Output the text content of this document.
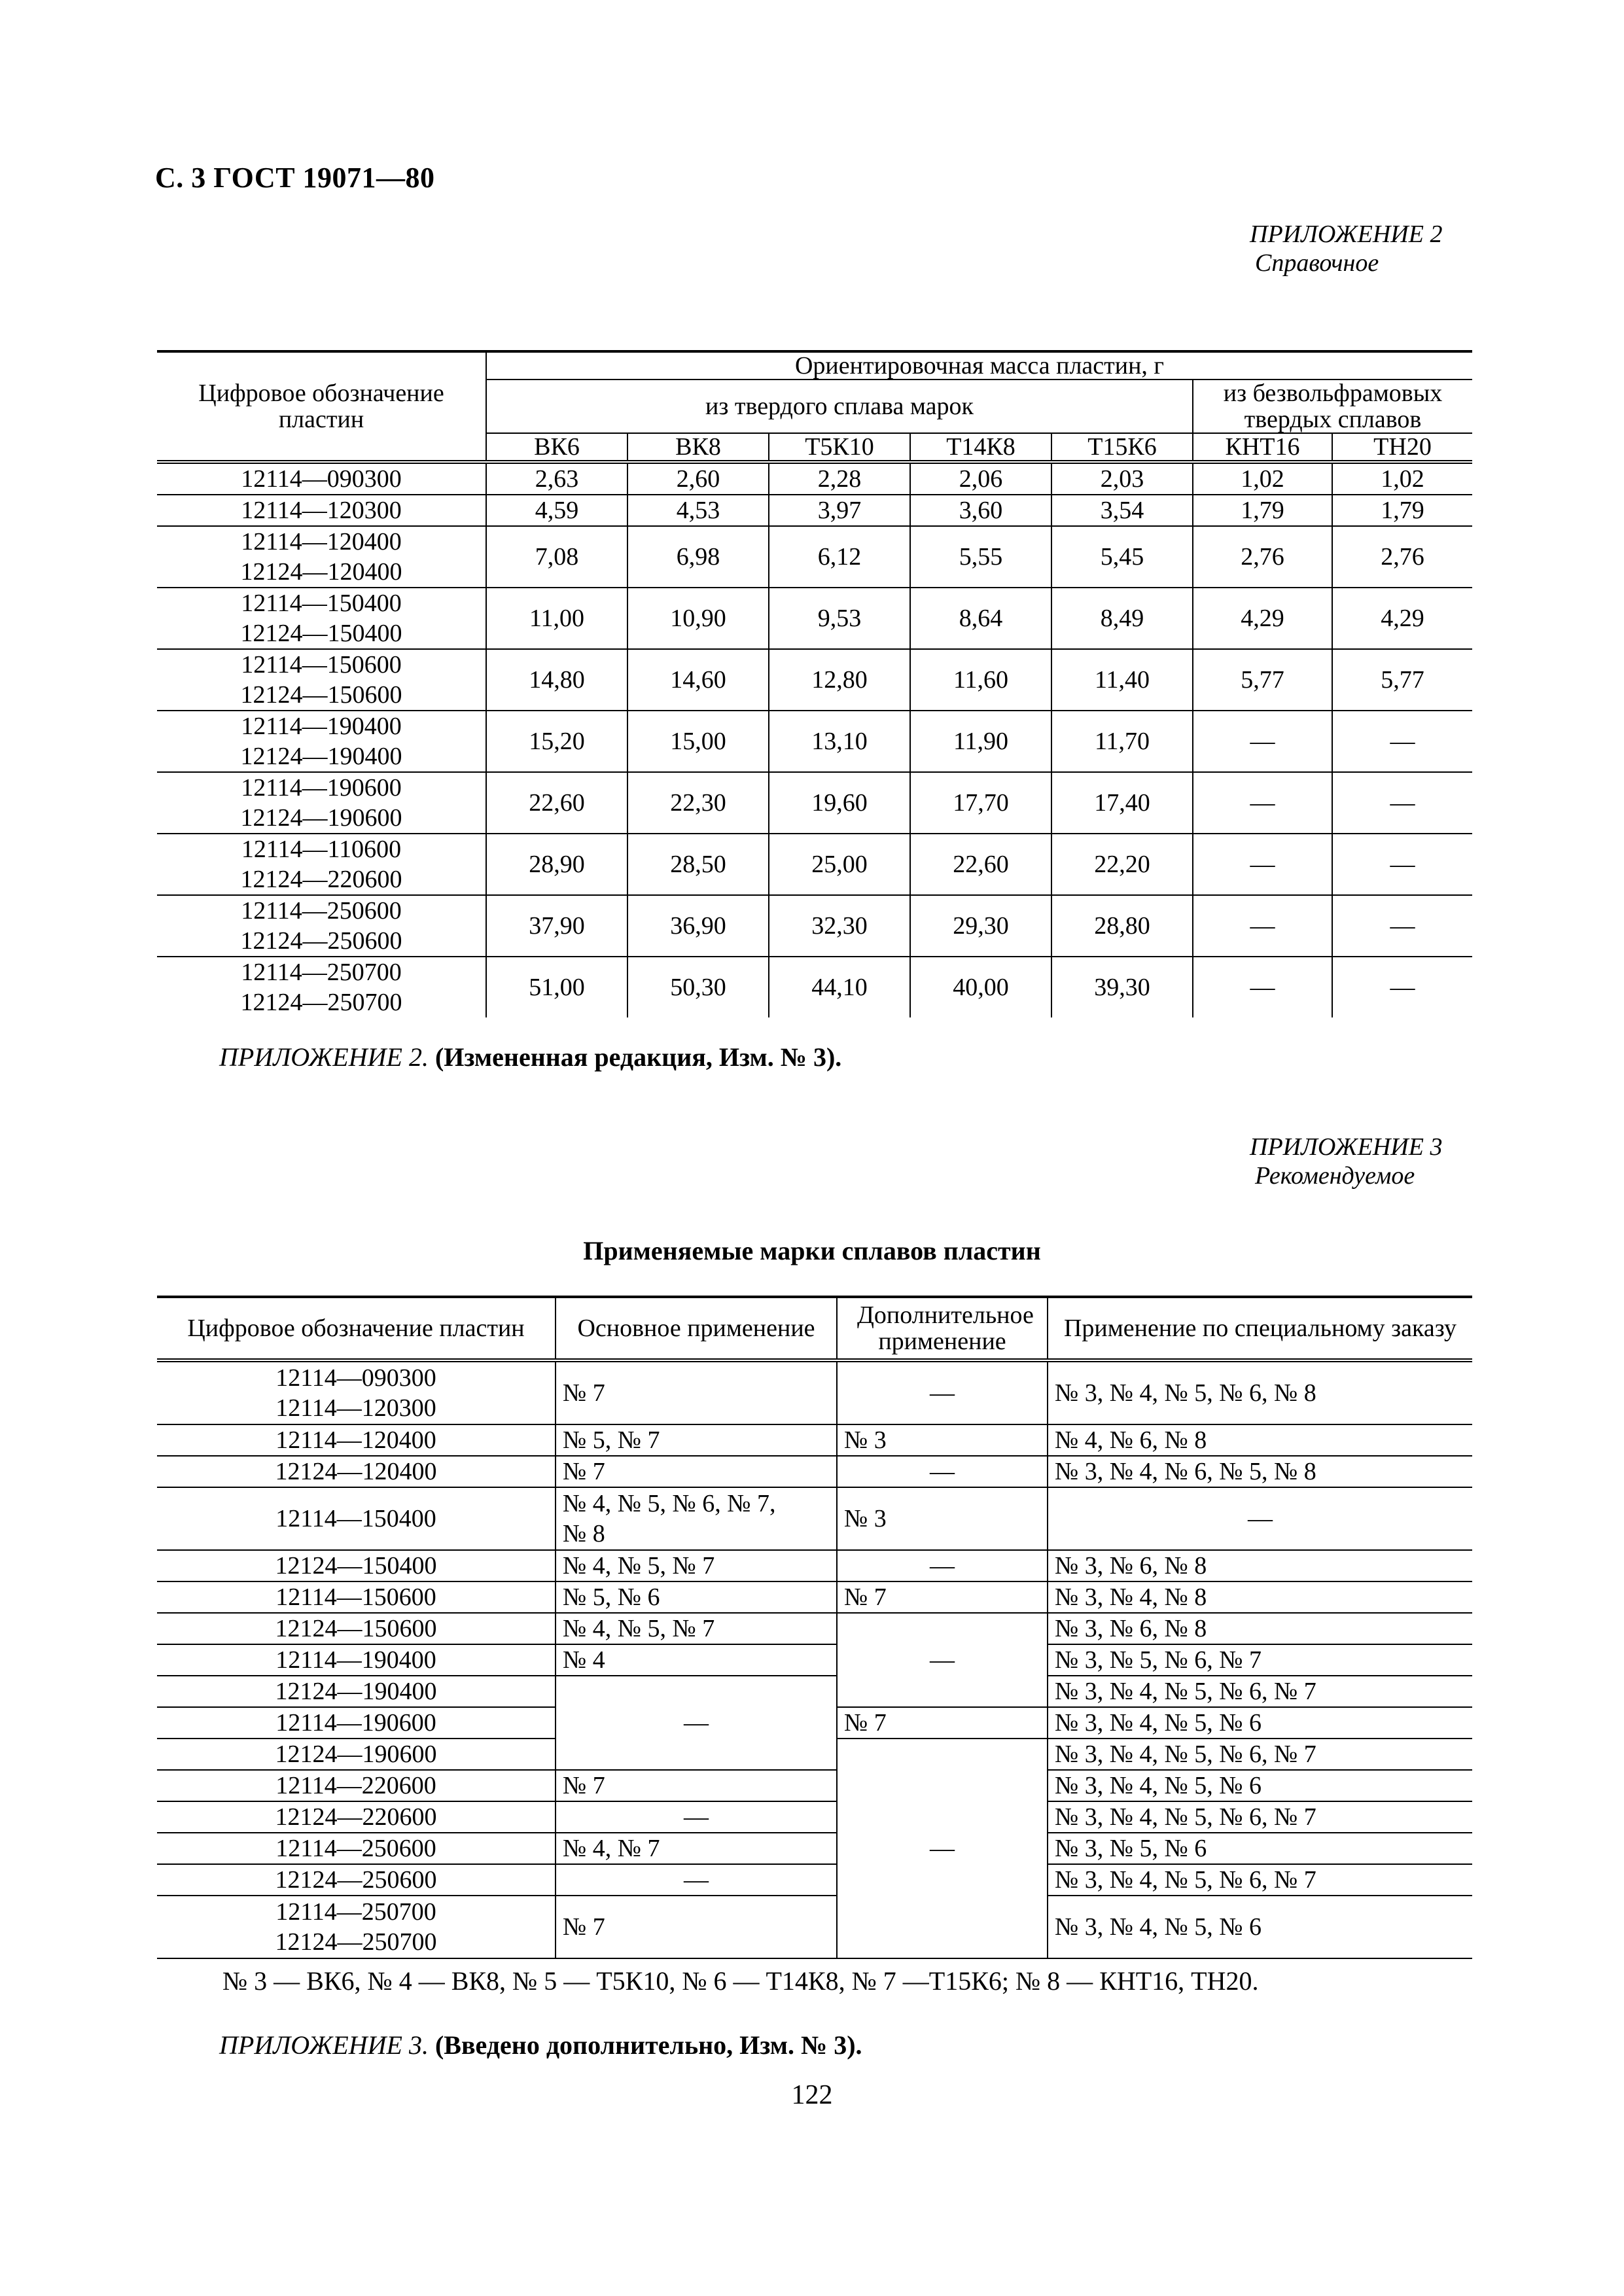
С. 3 ГОСТ 19071—80
ПРИЛОЖЕНИЕ 2
Справочное
Цифровое обозначение пластин	Ориентировочная масса пластин, г						
	из твердого сплава марок					из безвольфрамовых твердых сплавов	
	ВК6	ВК8	Т5К10	Т14К8	Т15К6	КНТ16	ТН20

12114—090300	2,63	2,60	2,28	2,06	2,03	1,02	1,02

12114—120300	4,59	4,53	3,97	3,60	3,54	1,79	1,79

12114—120400
12124—120400	7,08	6,98	6,12	5,55	5,45	2,76	2,76

12114—150400
12124—150400	11,00	10,90	9,53	8,64	8,49	4,29	4,29

12114—150600
12124—150600	14,80	14,60	12,80	11,60	11,40	5,77	5,77

12114—190400
12124—190400	15,20	15,00	13,10	11,90	11,70	—	—

12114—190600
12124—190600	22,60	22,30	19,60	17,70	17,40	—	—

12114—110600
12124—220600	28,90	28,50	25,00	22,60	22,20	—	—

12114—250600
12124—250600	37,90	36,90	32,30	29,30	28,80	—	—

12114—250700
12124—250700	51,00	50,30	44,10	40,00	39,30	—	—
ПРИЛОЖЕНИЕ 2. (Измененная редакция, Изм. № 3).
ПРИЛОЖЕНИЕ 3
Рекомендуемое
Применяемые марки сплавов пластин
Цифровое обозначение пластин	Основное применение	Дополнительное применение	Применение по специальному заказу

12114—090300
12114—120300	№ 7	—	№ 3, № 4, № 5, № 6, № 8

12114—120400	№ 5, № 7	№ 3	№ 4, № 6, № 8

12124—120400	№ 7	—	№ 3, № 4, № 6, № 5, № 8

12114—150400	№ 4, № 5, № 6, № 7,
№ 8	№ 3	—

12124—150400	№ 4, № 5, № 7	—	№ 3, № 6, № 8

12114—150600	№ 5, № 6	№ 7	№ 3, № 4, № 8

12124—150600	№ 4, № 5, № 7	—	№ 3, № 6, № 8

12114—190400	№ 4		№ 3, № 5, № 6, № 7

12124—190400	—		№ 3, № 4, № 5, № 6, № 7

12114—190600		№ 7	№ 3, № 4, № 5, № 6

12124—190600		—	№ 3, № 4, № 5, № 6, № 7

12114—220600	№ 7		№ 3, № 4, № 5, № 6

12124—220600	—		№ 3, № 4, № 5, № 6, № 7

12114—250600	№ 4, № 7		№ 3, № 5, № 6

12124—250600	—		№ 3, № 4, № 5, № 6, № 7

12114—250700
12124—250700	№ 7		№ 3, № 4, № 5, № 6
№ 3 — ВК6, № 4 — ВК8, № 5 — Т5К10, № 6 — Т14К8, № 7 —Т15К6; № 8 — КНТ16, ТН20.
ПРИЛОЖЕНИЕ 3. (Введено дополнительно, Изм. № 3).
122
